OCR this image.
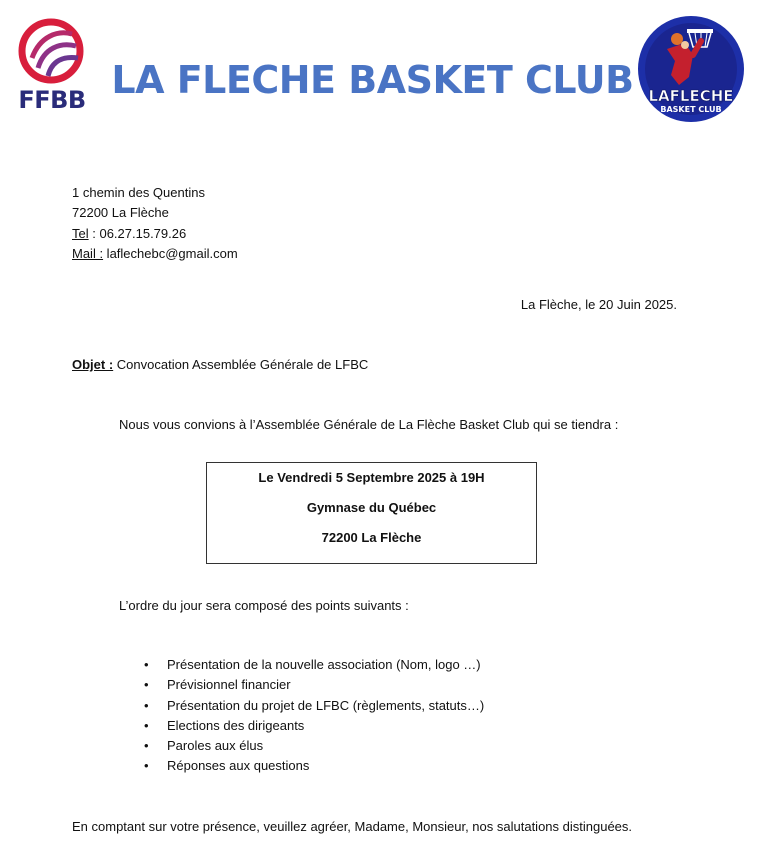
FFBB LA FLECHE BASKET CLUB LAFLECHE
BASKET CLUB
1 chemin des Quentins
72200 La Flèche
Tel : 06.27.15.79.26
Mail : laflechebc@gmail.com
La Flèche, le 20 Juin 2025.
Objet : Convocation Assemblée Générale de LFBC
Nous vous convions à l’Assemblée Générale de La Flèche Basket Club qui se tiendra :
Le Vendredi 5 Septembre 2025 à 19H
Gymnase du Québec
72200 La Flèche
L’ordre du jour sera composé des points suivants :
• Présentation de la nouvelle association (Nom, logo …)
• Prévisionnel financier
• Présentation du projet de LFBC (règlements, statuts…)
• Elections des dirigeants
• Paroles aux élus
• Réponses aux questions
En comptant sur votre présence, veuillez agréer, Madame, Monsieur, nos salutations distinguées.
